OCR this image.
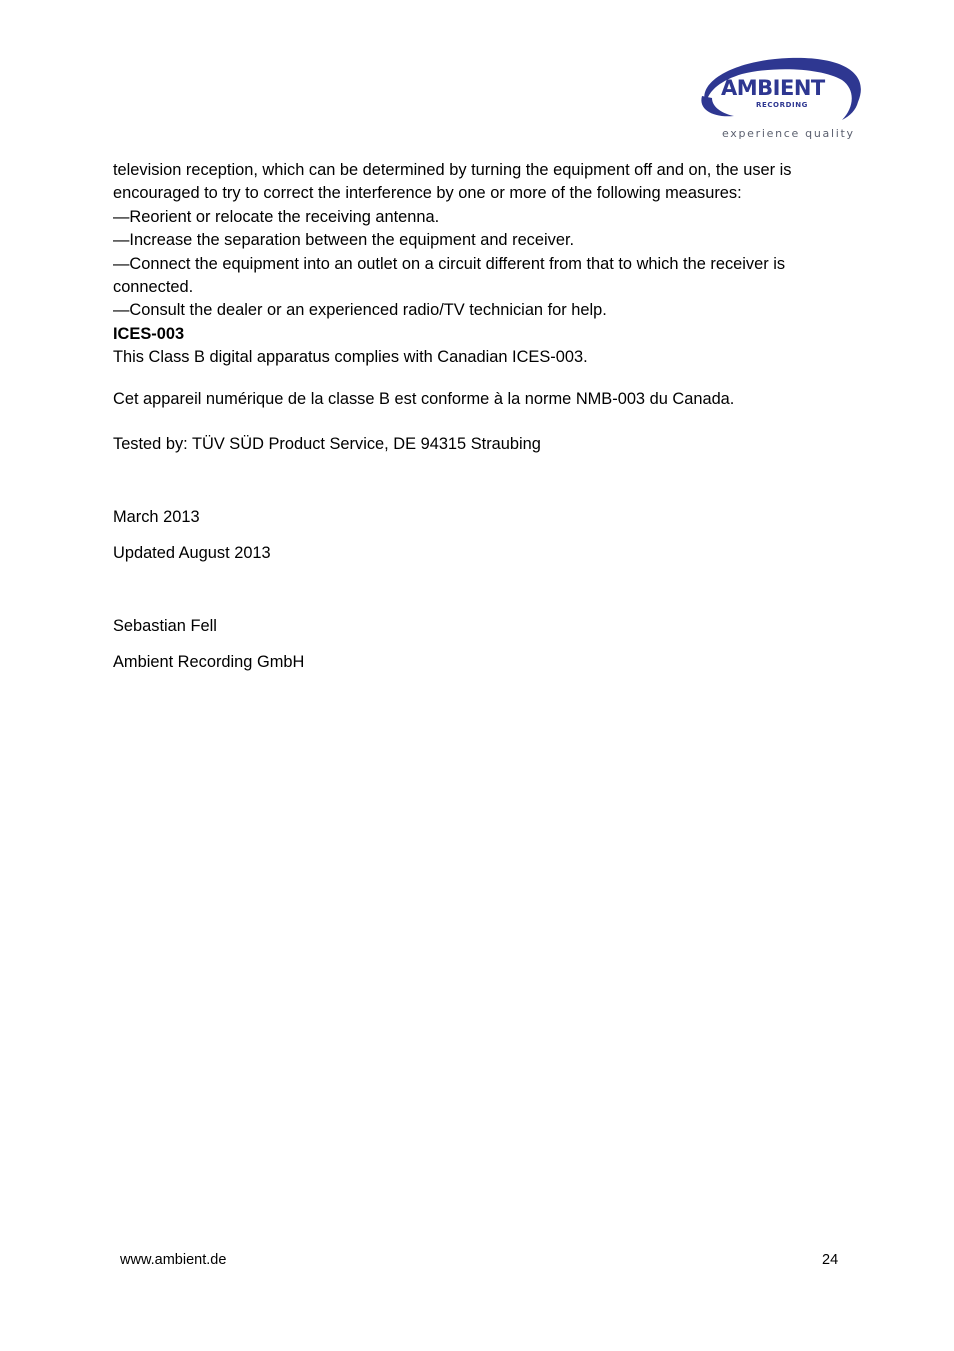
AMBIENT
RECORDING
experience quality

television reception, which can be determined by turning the equipment off and on, the user is encouraged to try to correct the interference by one or more of the following measures:

—Reorient or relocate the receiving antenna.

—Increase the separation between the equipment and receiver.

—Connect the equipment into an outlet on a circuit different from that to which the receiver is connected.

—Consult the dealer or an experienced radio/TV technician for help.

ICES-003

This Class B digital apparatus complies with Canadian ICES-003.

Cet appareil numérique de la classe B est conforme à la norme NMB-003 du Canada.

Tested by: TÜV SÜD Product Service, DE 94315 Straubing

March 2013

Updated August 2013

Sebastian Fell

Ambient Recording GmbH

www.ambient.de	24
